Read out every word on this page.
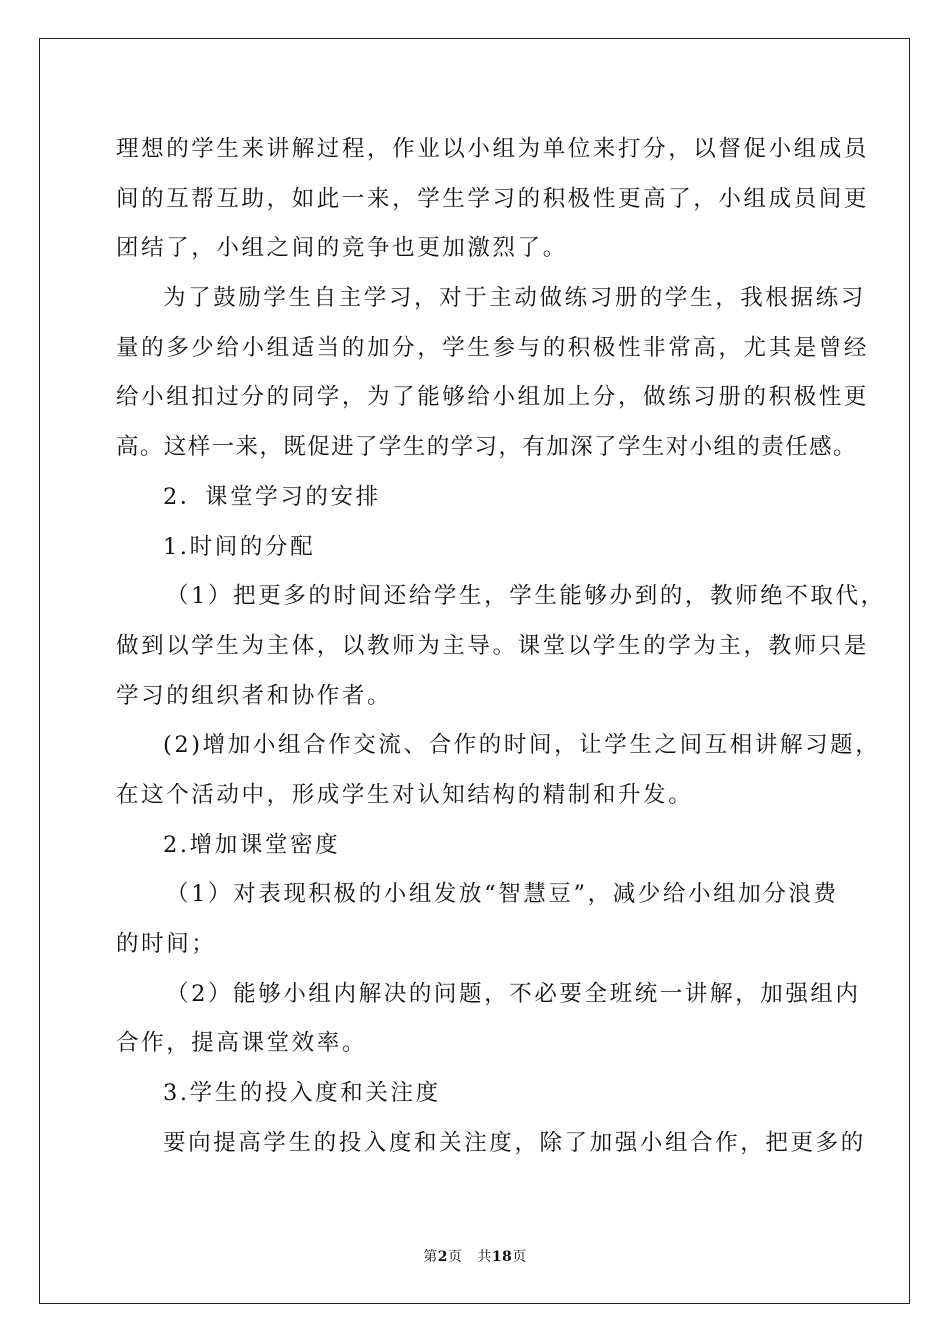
理想的学生来讲解过程，作业以小组为单位来打分，以督促小组成员
间的互帮互助，如此一来，学生学习的积极性更高了，小组成员间更
团结了，小组之间的竞争也更加激烈了。
为了鼓励学生自主学习，对于主动做练习册的学生，我根据练习
量的多少给小组适当的加分，学生参与的积极性非常高，尤其是曾经
给小组扣过分的同学，为了能够给小组加上分，做练习册的积极性更
高。这样一来，既促进了学生的学习，有加深了学生对小组的责任感。
2．课堂学习的安排
1.时间的分配
（1）把更多的时间还给学生，学生能够办到的，教师绝不取代，
做到以学生为主体，以教师为主导。课堂以学生的学为主，教师只是
学习的组织者和协作者。
(2)增加小组合作交流、合作的时间，让学生之间互相讲解习题，
在这个活动中，形成学生对认知结构的精制和升发。
2.增加课堂密度
（1）对表现积极的小组发放“智慧豆”，减少给小组加分浪费
的时间；
（2）能够小组内解决的问题，不必要全班统一讲解，加强组内
合作，提高课堂效率。
3.学生的投入度和关注度
要向提高学生的投入度和关注度，除了加强小组合作，把更多的
第2页 共18页
